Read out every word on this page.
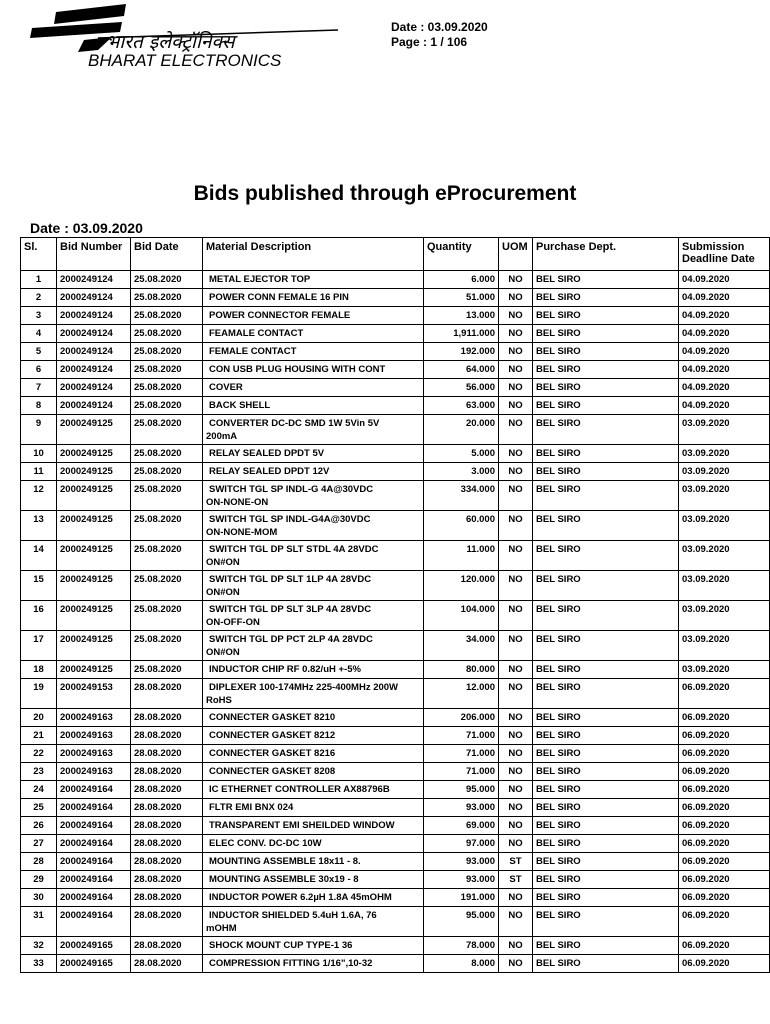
भारत इलेक्ट्रॉनिक्स
BHARAT ELECTRONICS
Date : 03.09.2020
Page : 1 / 106
Bids published through eProcurement
Date : 03.09.2020
Sl.	Bid Number	Bid Date	Material Description	Quantity	UOM	Purchase Dept.	Submission Deadline Date
1	2000249124	25.08.2020	METAL EJECTOR TOP	6.000	NO	BEL SIRO	04.09.2020
2	2000249124	25.08.2020	POWER CONN FEMALE 16 PIN	51.000	NO	BEL SIRO	04.09.2020
3	2000249124	25.08.2020	POWER CONNECTOR FEMALE	13.000	NO	BEL SIRO	04.09.2020
4	2000249124	25.08.2020	FEAMALE CONTACT	1,911.000	NO	BEL SIRO	04.09.2020
5	2000249124	25.08.2020	FEMALE CONTACT	192.000	NO	BEL SIRO	04.09.2020
6	2000249124	25.08.2020	CON USB PLUG HOUSING WITH CONT	64.000	NO	BEL SIRO	04.09.2020
7	2000249124	25.08.2020	COVER	56.000	NO	BEL SIRO	04.09.2020
8	2000249124	25.08.2020	BACK SHELL	63.000	NO	BEL SIRO	04.09.2020
9	2000249125	25.08.2020	CONVERTER DC-DC SMD 1W 5Vin 5V
200mA	20.000	NO	BEL SIRO	03.09.2020
10	2000249125	25.08.2020	RELAY SEALED DPDT 5V	5.000	NO	BEL SIRO	03.09.2020
11	2000249125	25.08.2020	RELAY SEALED DPDT 12V	3.000	NO	BEL SIRO	03.09.2020
12	2000249125	25.08.2020	SWITCH TGL SP INDL-G 4A@30VDC
ON-NONE-ON	334.000	NO	BEL SIRO	03.09.2020
13	2000249125	25.08.2020	SWITCH TGL SP INDL-G4A@30VDC
ON-NONE-MOM	60.000	NO	BEL SIRO	03.09.2020
14	2000249125	25.08.2020	SWITCH TGL DP SLT STDL 4A 28VDC
ON#ON	11.000	NO	BEL SIRO	03.09.2020
15	2000249125	25.08.2020	SWITCH TGL DP SLT 1LP 4A 28VDC
ON#ON	120.000	NO	BEL SIRO	03.09.2020
16	2000249125	25.08.2020	SWITCH TGL DP SLT 3LP 4A 28VDC
ON-OFF-ON	104.000	NO	BEL SIRO	03.09.2020
17	2000249125	25.08.2020	SWITCH TGL DP PCT 2LP 4A 28VDC
ON#ON	34.000	NO	BEL SIRO	03.09.2020
18	2000249125	25.08.2020	INDUCTOR CHIP RF 0.82/uH +-5%	80.000	NO	BEL SIRO	03.09.2020
19	2000249153	28.08.2020	DIPLEXER 100-174MHz 225-400MHz 200W
RoHS	12.000	NO	BEL SIRO	06.09.2020
20	2000249163	28.08.2020	CONNECTER GASKET 8210	206.000	NO	BEL SIRO	06.09.2020
21	2000249163	28.08.2020	CONNECTER GASKET 8212	71.000	NO	BEL SIRO	06.09.2020
22	2000249163	28.08.2020	CONNECTER GASKET 8216	71.000	NO	BEL SIRO	06.09.2020
23	2000249163	28.08.2020	CONNECTER GASKET 8208	71.000	NO	BEL SIRO	06.09.2020
24	2000249164	28.08.2020	IC ETHERNET CONTROLLER AX88796B	95.000	NO	BEL SIRO	06.09.2020
25	2000249164	28.08.2020	FLTR EMI BNX 024	93.000	NO	BEL SIRO	06.09.2020
26	2000249164	28.08.2020	TRANSPARENT EMI SHEILDED WINDOW	69.000	NO	BEL SIRO	06.09.2020
27	2000249164	28.08.2020	ELEC CONV. DC-DC 10W	97.000	NO	BEL SIRO	06.09.2020
28	2000249164	28.08.2020	MOUNTING ASSEMBLE 18x11 - 8.	93.000	ST	BEL SIRO	06.09.2020
29	2000249164	28.08.2020	MOUNTING ASSEMBLE 30x19 - 8	93.000	ST	BEL SIRO	06.09.2020
30	2000249164	28.08.2020	INDUCTOR POWER 6.2µH 1.8A 45mOHM	191.000	NO	BEL SIRO	06.09.2020
31	2000249164	28.08.2020	INDUCTOR SHIELDED 5.4uH 1.6A, 76
mOHM	95.000	NO	BEL SIRO	06.09.2020
32	2000249165	28.08.2020	SHOCK MOUNT CUP TYPE-1 36	78.000	NO	BEL SIRO	06.09.2020
33	2000249165	28.08.2020	COMPRESSION FITTING 1/16",10-32	8.000	NO	BEL SIRO	06.09.2020
